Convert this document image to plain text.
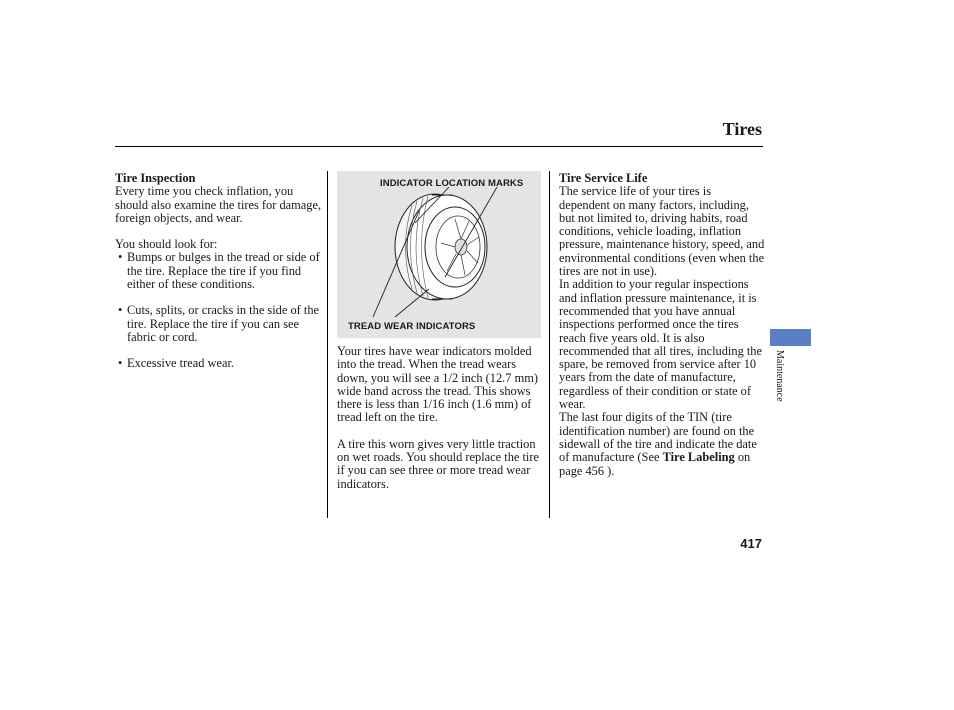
Tires

Tire Inspection

Every time you check inflation, you should also examine the tires for damage, foreign objects, and wear.

You should look for:

• Bumps or bulges in the tread or side of the tire. Replace the tire if you find either of these conditions.

• Cuts, splits, or cracks in the side of the tire. Replace the tire if you can see fabric or cord.

• Excessive tread wear.

INDICATOR LOCATION MARKS
TREAD WEAR INDICATORS

Your tires have wear indicators molded into the tread. When the tread wears down, you will see a 1/2 inch (12.7 mm) wide band across the tread. This shows there is less than 1/16 inch (1.6 mm) of tread left on the tire.

A tire this worn gives very little traction on wet roads. You should replace the tire if you can see three or more tread wear indicators.

Tire Service Life

The service life of your tires is dependent on many factors, including, but not limited to, driving habits, road conditions, vehicle loading, inflation pressure, maintenance history, speed, and environmental conditions (even when the tires are not in use).

In addition to your regular inspections and inflation pressure maintenance, it is recommended that you have annual inspections performed once the tires reach five years old. It is also recommended that all tires, including the spare, be removed from service after 10 years from the date of manufacture, regardless of their condition or state of wear.

The last four digits of the TIN (tire identification number) are found on the sidewall of the tire and indicate the date of manufacture (See Tire Labeling on page 456 ).

Maintenance
417
